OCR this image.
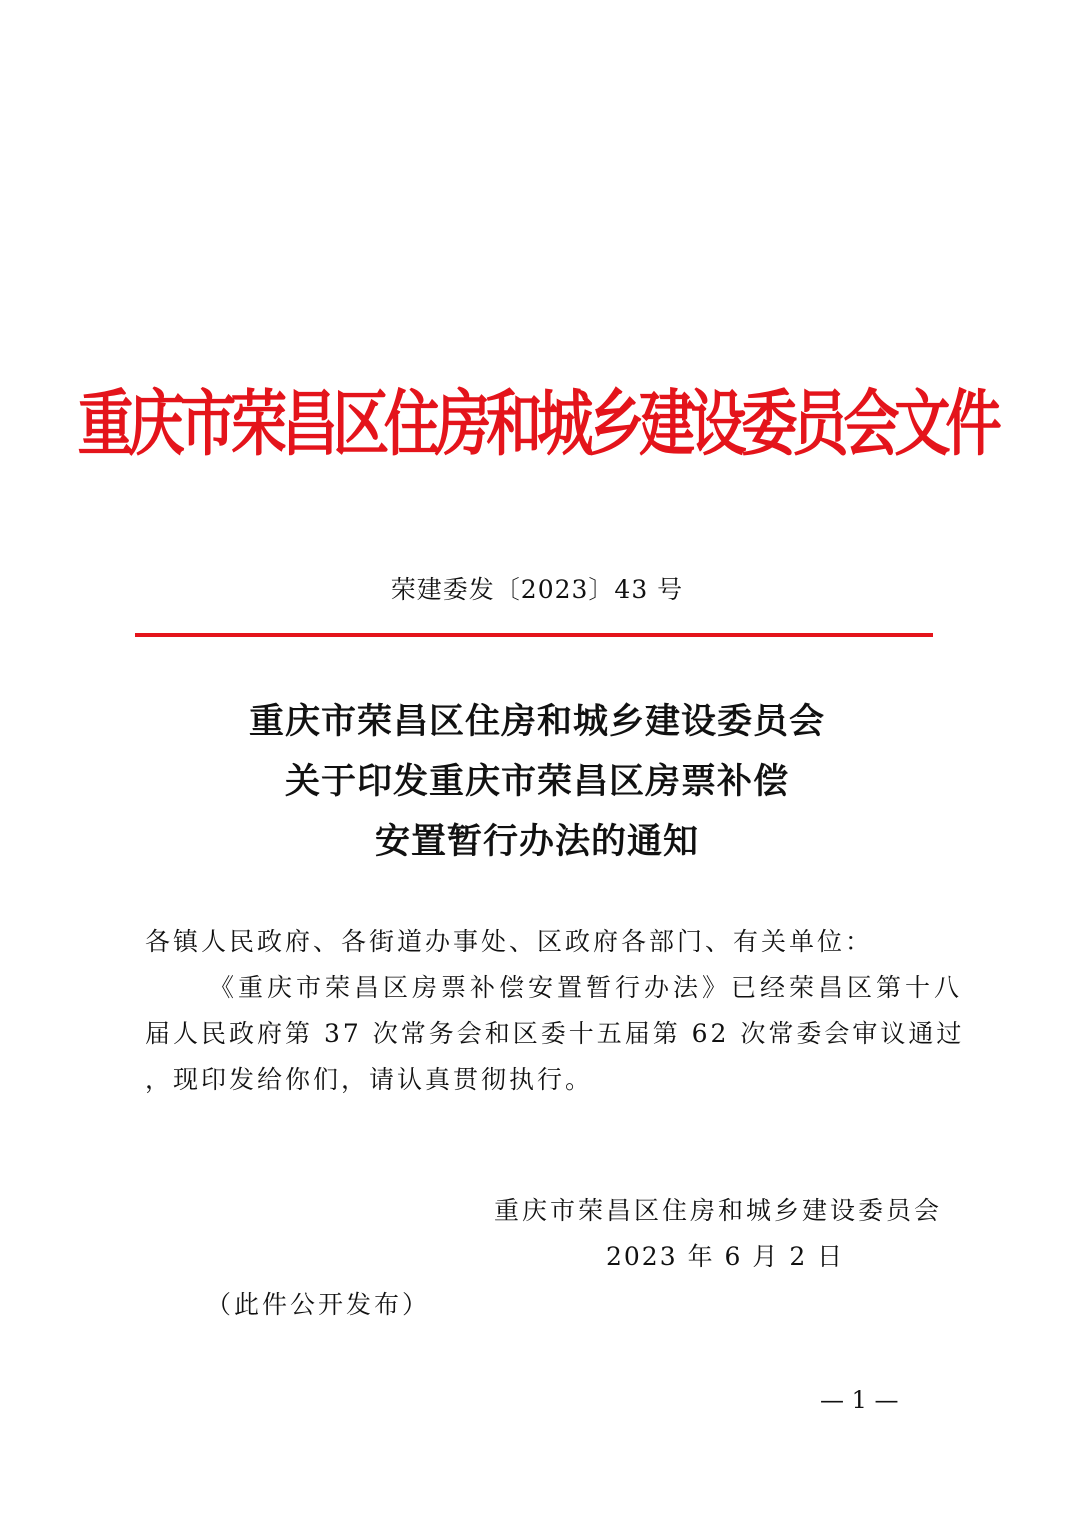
重庆市荣昌区住房和城乡建设委员会文件
荣建委发〔2023〕43 号
重庆市荣昌区住房和城乡建设委员会
关于印发重庆市荣昌区房票补偿
安置暂行办法的通知
各镇人民政府、各街道办事处、区政府各部门、有关单位：
《重庆市荣昌区房票补偿安置暂行办法》已经荣昌区第十八
届人民政府第 37 次常务会和区委十五届第 62 次常委会审议通过
，现印发给你们，请认真贯彻执行。
重庆市荣昌区住房和城乡建设委员会
2023 年 6 月 2 日
（此件公开发布）
— 1 —
